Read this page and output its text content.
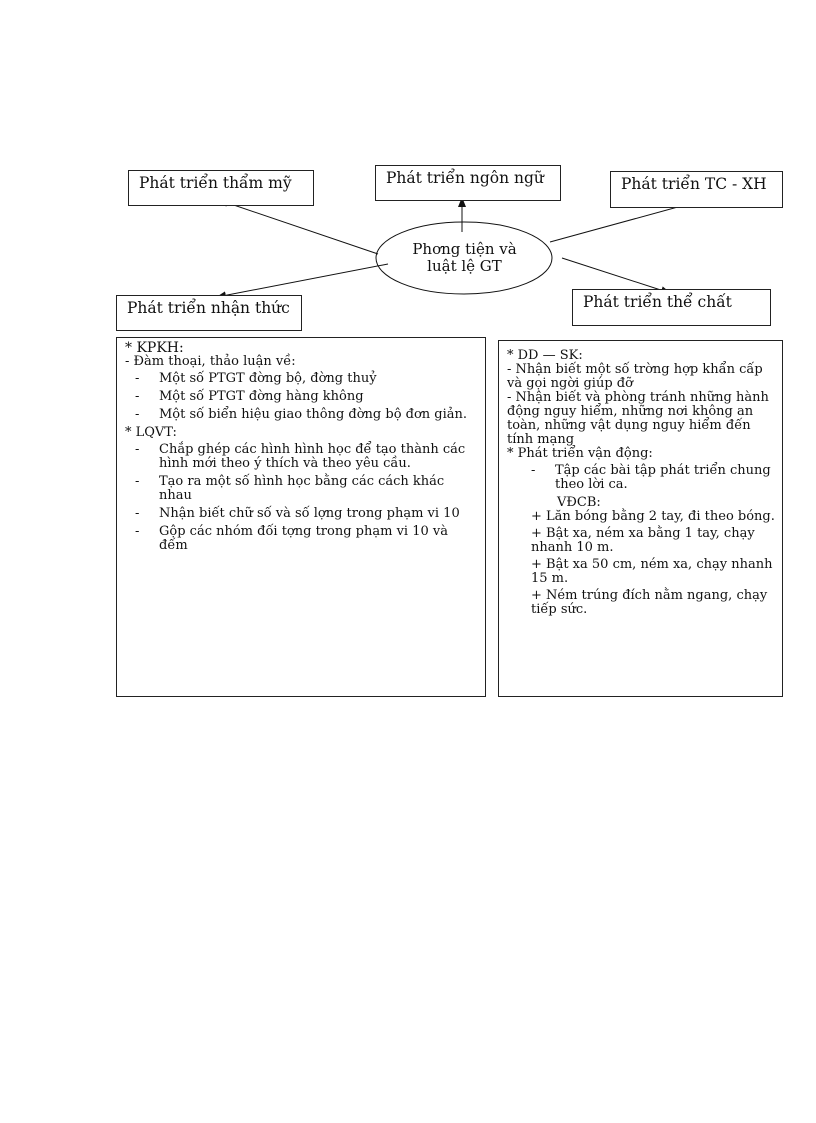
Phơng tiện và
luật lệ GT
Phát triển thẩm mỹ	Phát triển ngôn ngữ	Phát triển TC - XH
Phát triển nhận thức	Phát triển thể chất
* KPKH:
- Đàm thoại, thảo luận về:
-	Một số PTGT đờng bộ, đờng thuỷ
-	Một số PTGT đờng hàng không
-	Một số biển hiệu giao thông đờng bộ đơn giản.
* LQVT:
-	Chắp ghép các hình hình học để tạo thành các hình mới theo ý thích và theo yêu cầu.
-	Tạo ra một số hình học bằng các cách khác nhau
-	Nhận biết chữ số và số lợng trong phạm vi 10
-	Gộp các nhóm đối tợng trong phạm vi 10 và đếm
* DD — SK:
- Nhận biết một số trờng hợp khẩn cấp và gọi ngời giúp đỡ
- Nhận biết và phòng tránh những hành động nguy hiểm, những nơi không an toàn, những vật dụng nguy hiểm đến tính mạng
* Phát triển vận động:
-	Tập các bài tập phát triển chung theo lời ca.
VĐCB:
+ Lăn bóng bằng 2 tay, đi theo bóng.
+ Bật xa, ném xa bằng 1 tay, chạy nhanh 10 m.
+ Bật xa 50 cm, ném xa, chạy nhanh 15 m.
+ Ném trúng đích nằm ngang, chạy tiếp sức.
